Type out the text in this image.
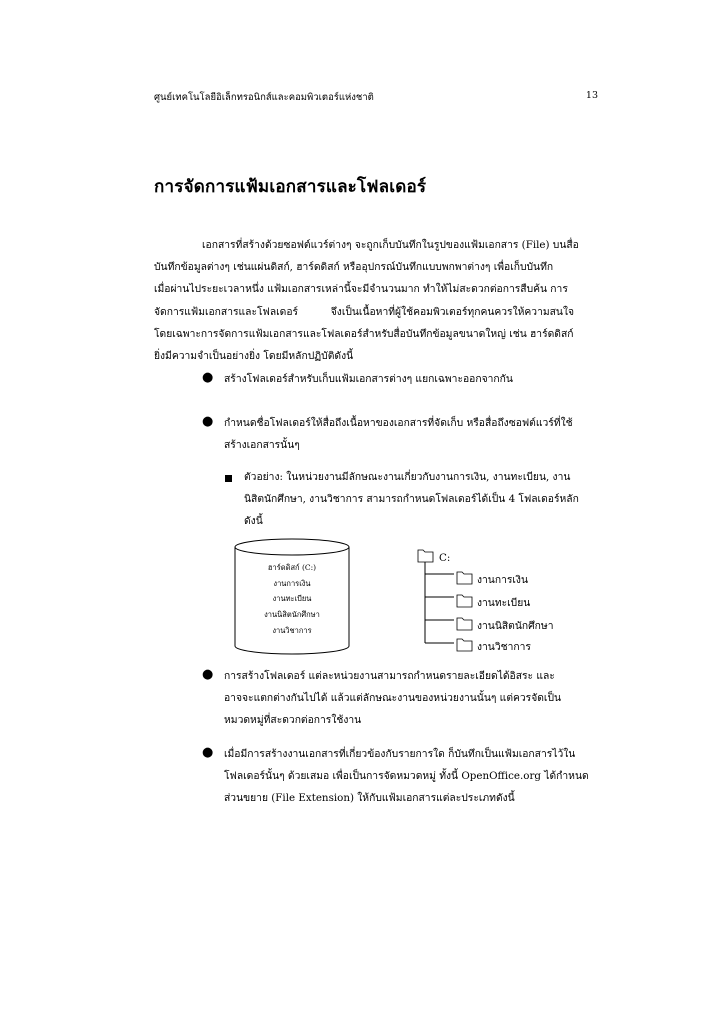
ศูนย์เทคโนโลยีอิเล็กทรอนิกส์และคอมพิวเตอร์แห่งชาติ	13
การจัดการแฟ้มเอกสารและโฟลเดอร์
เอกสารที่สร้างด้วยซอฟต์แวร์ต่างๆ จะถูกเก็บบันทึกในรูปของแฟ้มเอกสาร (File) บนสื่อ
บันทึกข้อมูลต่างๆ เช่นแผ่นดิสก์, ฮาร์ดดิสก์ หรืออุปกรณ์บันทึกแบบพกพาต่างๆ เพื่อเก็บบันทึก
เมื่อผ่านไประยะเวลาหนึ่ง แฟ้มเอกสารเหล่านี้จะมีจำนวนมาก ทำให้ไม่สะดวกต่อการสืบค้น การ
จัดการแฟ้มเอกสารและโฟลเดอร์          จึงเป็นเนื้อหาที่ผู้ใช้คอมพิวเตอร์ทุกคนควรให้ความสนใจ
โดยเฉพาะการจัดการแฟ้มเอกสารและโฟลเดอร์สำหรับสื่อบันทึกข้อมูลขนาดใหญ่ เช่น ฮาร์ดดิสก์
ยิ่งมีความจำเป็นอย่างยิ่ง โดยมีหลักปฏิบัติดังนี้
● สร้างโฟลเดอร์สำหรับเก็บแฟ้มเอกสารต่างๆ แยกเฉพาะออกจากกัน
● กำหนดชื่อโฟลเดอร์ให้สื่อถึงเนื้อหาของเอกสารที่จัดเก็บ หรือสื่อถึงซอฟต์แวร์ที่ใช้
สร้างเอกสารนั้นๆ
ตัวอย่าง: ในหน่วยงานมีลักษณะงานเกี่ยวกับงานการเงิน, งานทะเบียน, งาน
นิสิตนักศึกษา, งานวิชาการ สามารถกำหนดโฟลเดอร์ได้เป็น 4 โฟลเดอร์หลัก
ดังนี้
ฮาร์ดดิสก์ (C:)
งานการเงิน
งานทะเบียน
งานนิสิตนักศึกษา
งานวิชาการ
C:
งานการเงิน
งานทะเบียน
งานนิสิตนักศึกษา
งานวิชาการ
● การสร้างโฟลเดอร์ แต่ละหน่วยงานสามารถกำหนดรายละเอียดได้อิสระ และ
อาจจะแตกต่างกันไปได้ แล้วแต่ลักษณะงานของหน่วยงานนั้นๆ แต่ควรจัดเป็น
หมวดหมู่ที่สะดวกต่อการใช้งาน
● เมื่อมีการสร้างงานเอกสารที่เกี่ยวข้องกับรายการใด ก็บันทึกเป็นแฟ้มเอกสารไว้ใน
โฟลเดอร์นั้นๆ ด้วยเสมอ เพื่อเป็นการจัดหมวดหมู่ ทั้งนี้ OpenOffice.org ได้กำหนด
ส่วนขยาย (File Extension) ให้กับแฟ้มเอกสารแต่ละประเภทดังนี้
